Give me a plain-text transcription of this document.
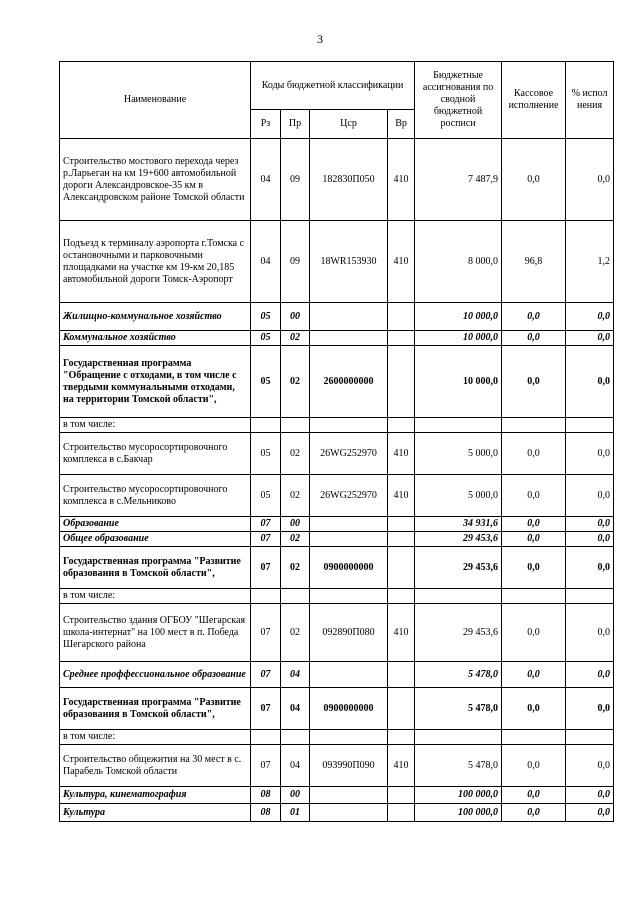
3
Наименование	Коды бюджетной классификации				Бюджетные ассигнования по сводной бюджетной росписи	Кассовое исполнение	% испол нения
	Рз	Пр	Цср	Вр			
Строительство мостового перехода через р.Ларьеган на км 19+600 автомобильной дороги Александровское-35 км в Александровском районе Томской области	04	09	182830П050	410	7 487,9	0,0	0,0
Подъезд к терминалу аэропорта г.Томска с остановочными и парковочными площадками на участке км 19-км 20,185 автомобильной дороги Томск-Аэропорт	04	09	18WR153930	410	8 000,0	96,8	1,2
Жилищно-коммунальное хозяйство	05	00			10 000,0	0,0	0,0
Коммунальное хозяйство	05	02			10 000,0	0,0	0,0
Государственная программа "Обращение с отходами, в том числе с твердыми коммунальными отходами, на территории Томской области",	05	02	2600000000		10 000,0	0,0	0,0
в том числе:							
Строительство мусоросортировочного комплекса в с.Бакчар	05	02	26WG252970	410	5 000,0	0,0	0,0
Строительство мусоросортировочного комплекса в с.Мельниково	05	02	26WG252970	410	5 000,0	0,0	0,0
Образование	07	00			34 931,6	0,0	0,0
Общее образование	07	02			29 453,6	0,0	0,0
Государственная программа "Развитие образования в Томской области",	07	02	0900000000		29 453,6	0,0	0,0
в том числе:							
Строительство здания ОГБОУ "Шегарская школа-интернат" на 100 мест в п. Победа Шегарского района	07	02	092890П080	410	29 453,6	0,0	0,0
Среднее проффессиональное образование	07	04			5 478,0	0,0	0,0
Государственная программа "Развитие образования в Томской области",	07	04	0900000000		5 478,0	0,0	0,0
в том числе:							
Строительство общежития на 30 мест в с. Парабель Томской области	07	04	093990П090	410	5 478,0	0,0	0,0
Культура, кинематография	08	00			100 000,0	0,0	0,0
Культура	08	01			100 000,0	0,0	0,0
